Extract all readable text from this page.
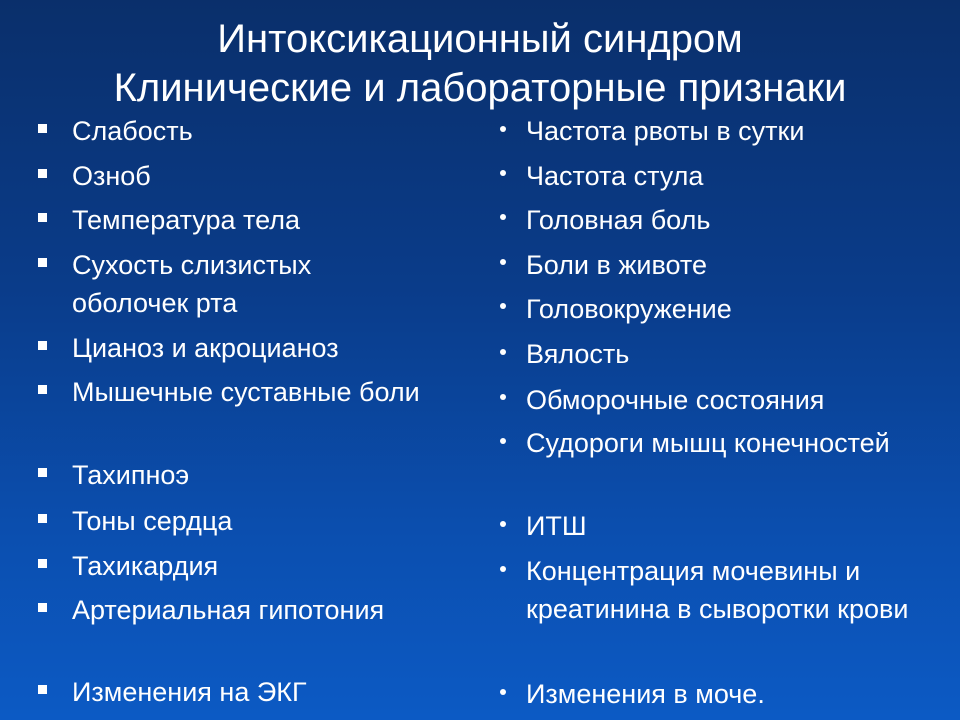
Интоксикационный синдром
Клинические и лабораторные признаки
Слабость
Озноб
Температура тела
Сухость слизистых оболочек рта
Цианоз и акроцианоз
Мышечные суставные боли
Тахипноэ
Тоны сердца
Тахикардия
Артериальная гипотония
Изменения на ЭКГ
Частота рвоты в сутки
Частота стула
Головная боль
Боли в животе
Головокружение
Вялость
Обморочные состояния
Судороги мышц конечностей
ИТШ
Концентрация мочевины и креатинина в сыворотки крови
Изменения в моче.
